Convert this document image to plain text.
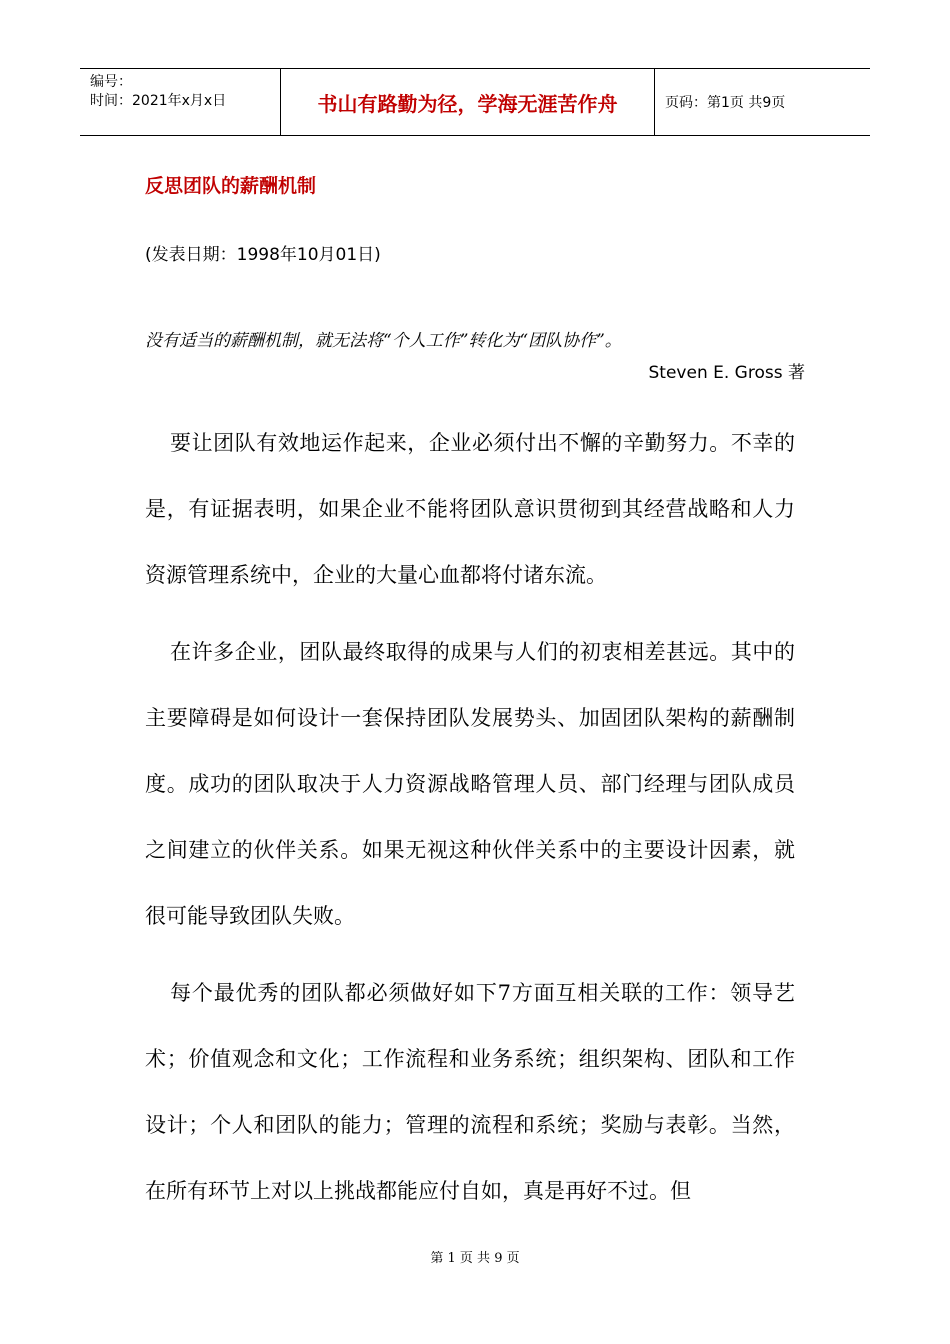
编号：
时间：2021年x月x日	书山有路勤为径，学海无涯苦作舟	页码：第1页 共9页
反思团队的薪酬机制
(发表日期：1998年10月01日)
没有适当的薪酬机制，就无法将“个人工作”转化为“团队协作”。
Steven E. Gross 著

要让团队有效地运作起来，企业必须付出不懈的辛勤努力。不幸的是，有证据表明，如果企业不能将团队意识贯彻到其经营战略和人力资源管理系统中，企业的大量心血都将付诸东流。

在许多企业，团队最终取得的成果与人们的初衷相差甚远。其中的主要障碍是如何设计一套保持团队发展势头、加固团队架构的薪酬制度。成功的团队取决于人力资源战略管理人员、部门经理与团队成员之间建立的伙伴关系。如果无视这种伙伴关系中的主要设计因素，就很可能导致团队失败。

每个最优秀的团队都必须做好如下7方面互相关联的工作：领导艺术；价值观念和文化；工作流程和业务系统；组织架构、团队和工作设计；个人和团队的能力；管理的流程和系统；奖励与表彰。当然，在所有环节上对以上挑战都能应付自如，真是再好不过。但

第 1 页 共 9 页
